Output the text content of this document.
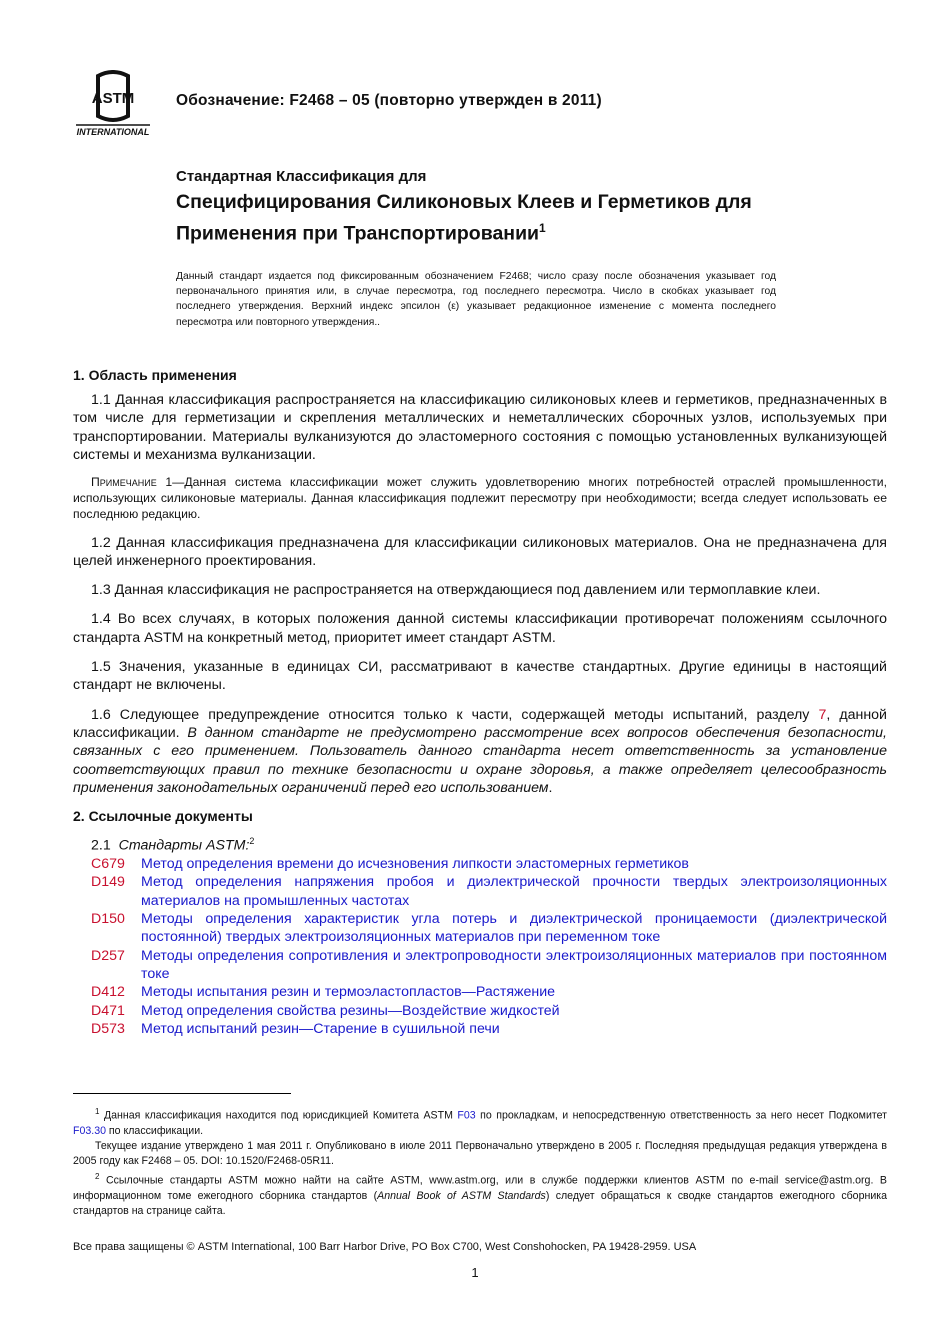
ASTM
INTERNATIONAL
Обозначение: F2468 – 05 (повторно утвержден в 2011)
Стандартная Классификация для
Специфицирования Силиконовых Клеев и Герметиков для
Применения при Транспортировании$^1$
Данный стандарт издается под фиксированным обозначением F2468; число сразу после обозначения указывает год первоначального принятия или, в случае пересмотра, год последнего пересмотра. Число в скобках указывает год последнего утверждения. Верхний индекс эпсилон (ε) указывает редакционное изменение с момента последнего пересмотра или повторного утверждения..
1. Область применения

1.1 Данная классификация распространяется на классификацию силиконовых клеев и герметиков, предназначенных в том числе для герметизации и скрепления металлических и неметаллических сборочных узлов, используемых при транспортировании. Материалы вулканизуются до эластомерного состояния с помощью установленных вулканизующей системы и механизма вулканизации.

Примечание 1—Данная система классификации может служить удовлетворению многих потребностей отраслей промышленности, использующих силиконовые материалы. Данная классификация подлежит пересмотру при необходимости; всегда следует использовать ее последнюю редакцию.

1.2 Данная классификация предназначена для классификации силиконовых материалов. Она не предназначена для целей инженерного проектирования.

1.3 Данная классификация не распространяется на отверждающиеся под давлением или термоплавкие клеи.

1.4 Во всех случаях, в которых положения данной системы классификации противоречат положениям ссылочного стандарта ASTM на конкретный метод, приоритет имеет стандарт ASTM.

1.5 Значения, указанные в единицах СИ, рассматривают в качестве стандартных. Другие единицы в настоящий стандарт не включены.

1.6 Следующее предупреждение относится только к части, содержащей методы испытаний, разделу 7, данной классификации. В данном стандарте не предусмотрено рассмотрение всех вопросов обеспечения безопасности, связанных с его применением. Пользователь данного стандарта несет ответственность за установление соответствующих правил по технике безопасности и охране здоровья, а также определяет целесообразность применения законодательных ограничений перед его использованием.

2. Ссылочные документы
2.1 Стандарты ASTM:$^2$
C679 Метод определения времени до исчезновения липкости эластомерных герметиков
D149 Метод определения напряжения пробоя и диэлектрической прочности твердых электроизоляционных материалов на промышленных частотах
D150 Методы определения характеристик угла потерь и диэлектрической проницаемости (диэлектрической постоянной) твердых электроизоляционных материалов при переменном токе
D257 Методы определения сопротивления и электропроводности электроизоляционных материалов при постоянном токе
D412 Методы испытания резин и термоэластопластов—Растяжение
D471 Метод определения свойства резины—Воздействие жидкостей
D573 Метод испытаний резин—Старение в сушильной печи

$^1$ Данная классификация находится под юрисдикцией Комитета ASTM F03 по прокладкам, и непосредственную ответственность за него несет Подкомитет F03.30 по классификации.

Текущее издание утверждено 1 мая 2011 г. Опубликовано в июле 2011 Первоначально утверждено в 2005 г. Последняя предыдущая редакция утверждена в 2005 году как F2468 – 05. DOI: 10.1520/F2468-05R11.

$^2$ Ссылочные стандарты ASTM можно найти на сайте ASTM, www.astm.org, или в службе поддержки клиентов ASTM по e-mail service@astm.org. В информационном томе ежегодного сборника стандартов (Annual Book of ASTM Standards) следует обращаться к сводке стандартов ежегодного сборника стандартов на странице сайта.

Все права защищены © ASTM International, 100 Barr Harbor Drive, PO Box C700, West Conshohocken, PA 19428-2959. USA
1
